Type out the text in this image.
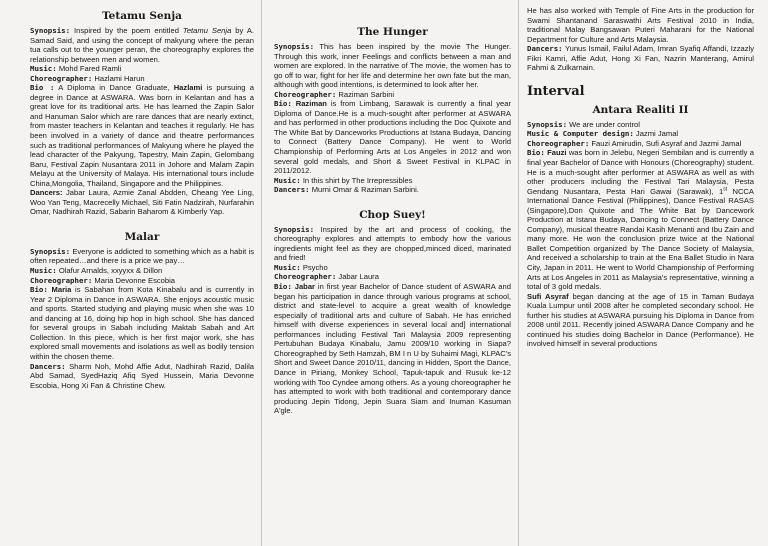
Tetamu Senja

Synopsis: Inspired by the poem entitled Tetamu Senja by A. Samad Said, and using the concept of makyung where the peran tua calls out to the younger peran, the choreography explores the relationship between men and women.

Music: Mohd Fared Ramli

Choreographer: Hazlami Harun

Bio : A Diploma in Dance Graduate, Hazlami is pursuing a degree in Dance at ASWARA. Was born in Kelantan and has a great love for its traditional arts. He has learned the Zapin Salor and Hanuman Salor which are rare dances that are nearly extinct, from master teachers in Kelantan and teaches it regularly. He has been involved in a variety of dance and theatre performances such as traditional performances of Makyung where he played the lead character of the Pakyung, Tapestry, Main Zapin, Gelombang Baru, Festival Zapin Nusantara 2011 in Johore and Malam Zapin Melayu at the University of Malaya. His international tours include China,Mongolia, Thailand, Singapore and the Philippines.

Dancers: Jabar Laura, Azmie Zanal Abdden, Cheang Yee Ling, Woo Yan Teng, Macrecelly Michael, Siti Fatin Nadzirah, Nurfarahin Omar, Nadhirah Razid, Sabarin Baharom & Kimberly Yap.

Malar

Synopsis: Everyone is addicted to something which as a habit is often repeated…and there is a price we pay…

Music: Olafur Arnalds, xxyyxx & Dillon

Choreographer: Maria Devonne Escobia

Bio: Maria is Sabahan from Kota Kinabalu and is currently in Year 2 Diploma in Dance in ASWARA. She enjoys acoustic music and sports. Started studying and playing music when she was 10 and dancing at 16, doing hip hop in high school. She has danced for several groups in Sabah including Maktab Sabah and Art Collection. In this piece, which is her first major work, she has explored small movements and isolations as well as bodily tension within the chosen theme.

Dancers: Sharm Noh, Mohd Affie Adut, Nadhirah Razid, Dalila Abd Samad, SyedHaziq Afiq Syed Hussein, Maria Devonne Escobia, Hong Xi Fan & Christine Chew.

The Hunger

Synopsis: This has been inspired by the movie The Hunger. Through this work, inner Feelings and conflicts between a man and women are explored. In the narrative of The movie, the women has to go off to war, fight for her life and determine her own fate but the man, although with good intentions, is determined to look after her.

Choreographer: Raziman Sarbini

Bio: Raziman is from Limbang, Sarawak is currently a final year Diploma of Dance.He is a much-sought after performer at ASWARA and has performed in other productions including the Doc Quixote and The White Bat by Danceworks Productions at Istana Budaya, Dancing to Connect (Battery Dance Company). He went to World Championship of Performing Arts at Los Angeles in 2012 and won several gold medals, and Short & Sweet Festival in KLPAC in 2011/2012.

Music: In this shirt by The Irrepressibles

Dancers: Murni Omar & Raziman Sarbini.

Chop Suey!

Synopsis: Inspired by the art and process of cooking, the choreography explores and attempts to embody how the various ingredients might feel as they are chopped,minced diced, marinated and fried!

Music: Psycho

Choreographer: Jabar Laura

Bio: Jabar in first year Bachelor of Dance student of ASWARA and began his participation in dance through various programs at school, district and state-level to acquire a great wealth of knowledge especially of traditional arts and culture of Sabah. He has enriched himself with diverse experiences in several local and] international performances including Festival Tari Malaysia 2009 representing Pertubuhan Budaya Kinabalu, Jamu 2009/10 working in Siapa? Choreographed by Seth Hamzah, BM I n U by Suhaimi Magi, KLPAC's Short and Sweet Dance 2010/11, dancing in Hidden, Sport the Dance, Dance in Piriang, Monkey School, Tapuk-tapuk and Rusuk ke-12 working with Too Cyndee among others. As a young choreographer he has attempted to work with both traditional and contemporary dance producing Jepin Tidong, Jepin Suara Siam and Inuman Kasuman A'gle.

He has also worked with Temple of Fine Arts in the production for Swami Shantanand Saraswathi Arts Festival 2010 in India, traditional Malay Bangsawan Puteri Maharani for the National Department for Culture and Arts Malaysia.

Dancers: Yunus Ismail, Failul Adam, Imran Syafiq Affandi, Izzazly Fikri Kamri, Affie Adut, Hong Xi Fan, Nazrin Manterang, Amirul Fahmi & Zulkarnain.

Interval
Antara Realiti II

Synopsis: We are under control

Music & Computer design: Jazmi Jamal

Choreographer: Fauzi Amirudin, Sufi Asyraf and Jazmi Jamal

Bio: Fauzi was born in Jelebu, Negeri Sembilan and is currently a final year Bachelor of Dance with Honours (Choreography) student. He is a much-sought after performer at ASWARA as well as with other producers including the Festival Tari Malaysia, Pesta Gendang Nusantara, Pesta Hari Gawai (Sarawak), 1st NCCA International Dance Festival (Philippines), Dance Festival RASAS (Singapore),Don Quixote and The White Bat by Dancework Production at Istana Budaya, Dancing to Connect (Battery Dance Company), musical theatre Randai Kasih Menanti and Ibu Zain and many more. He won the conclusion prize twice at the National Ballet Competition organized by The Dance Society of Malaysia, And received a scholarship to train at the Ena Ballet Studio in Nara City, Japan in 2011. He went to World Championship of Performing Arts at Los Angeles in 2011 as Malaysia's representative, winning a total of 3 gold medals.

Sufi Asyraf began dancing at the age of 15 in Taman Budaya Kuala Lumpur until 2008 after he completed secondary school. He further his studies at ASWARA pursuing his Diploma in Dance from 2008 until 2011. Recently joined ASWARA Dance Company and he continued his studies doing Bachelor in Dance (Performance). He involved himself in several productions
